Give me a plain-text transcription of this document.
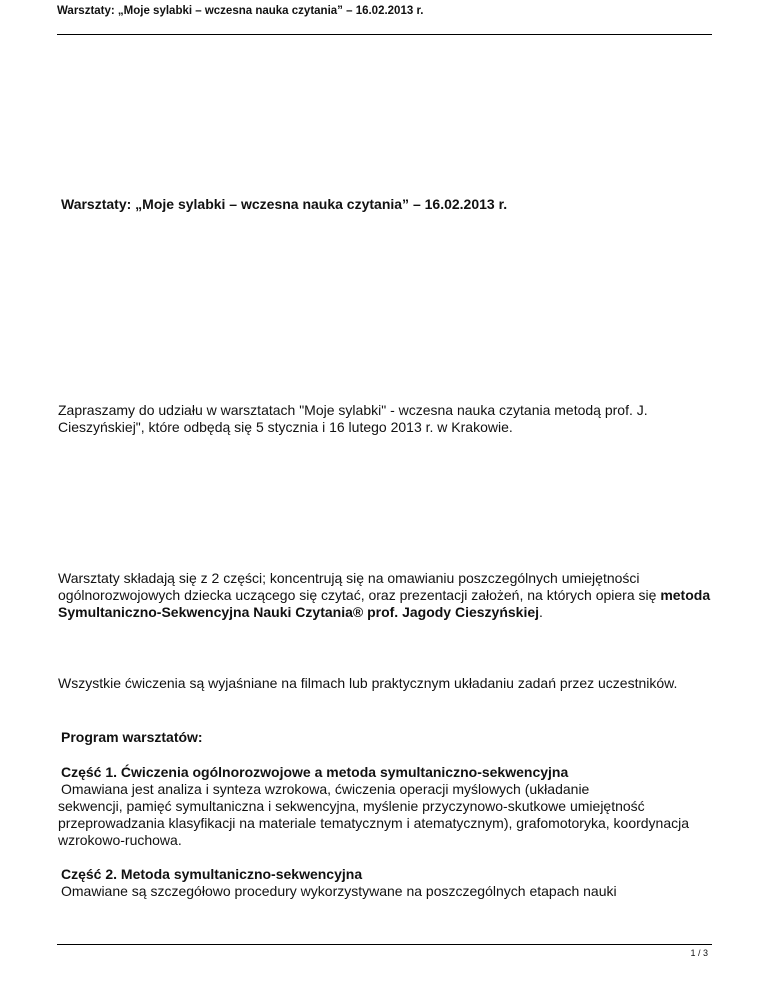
Warsztaty: „Moje sylabki – wczesna nauka czytania” – 16.02.2013 r.
Warsztaty: „Moje sylabki – wczesna nauka czytania” – 16.02.2013 r.
Zapraszamy do udziału w warsztatach "Moje sylabki" - wczesna nauka czytania metodą prof. J. Cieszyńskiej", które odbędą się 5 stycznia i 16 lutego 2013 r. w Krakowie.
Warsztaty składają się z 2 części; koncentrują się na omawianiu poszczególnych umiejętności ogólnorozwojowych dziecka uczącego się czytać, oraz prezentacji założeń, na których opiera się metoda Symultaniczno-Sekwencyjna Nauki Czytania® prof. Jagody Cieszyńskiej.
Wszystkie ćwiczenia są wyjaśniane na filmach lub praktycznym układaniu zadań przez uczestników.
Program warsztatów:
Część 1. Ćwiczenia ogólnorozwojowe a metoda symultaniczno-sekwencyjna
Omawiana jest analiza i synteza wzrokowa, ćwiczenia operacji myślowych (układanie
sekwencji, pamięć symultaniczna i sekwencyjna, myślenie przyczynowo-skutkowe umiejętność przeprowadzania klasyfikacji na materiale tematycznym i atematycznym), grafomotoryka, koordynacja wzrokowo-ruchowa.
Część 2. Metoda symultaniczno-sekwencyjna
Omawiane są szczegółowo procedury wykorzystywane na poszczególnych etapach nauki
1 / 3
